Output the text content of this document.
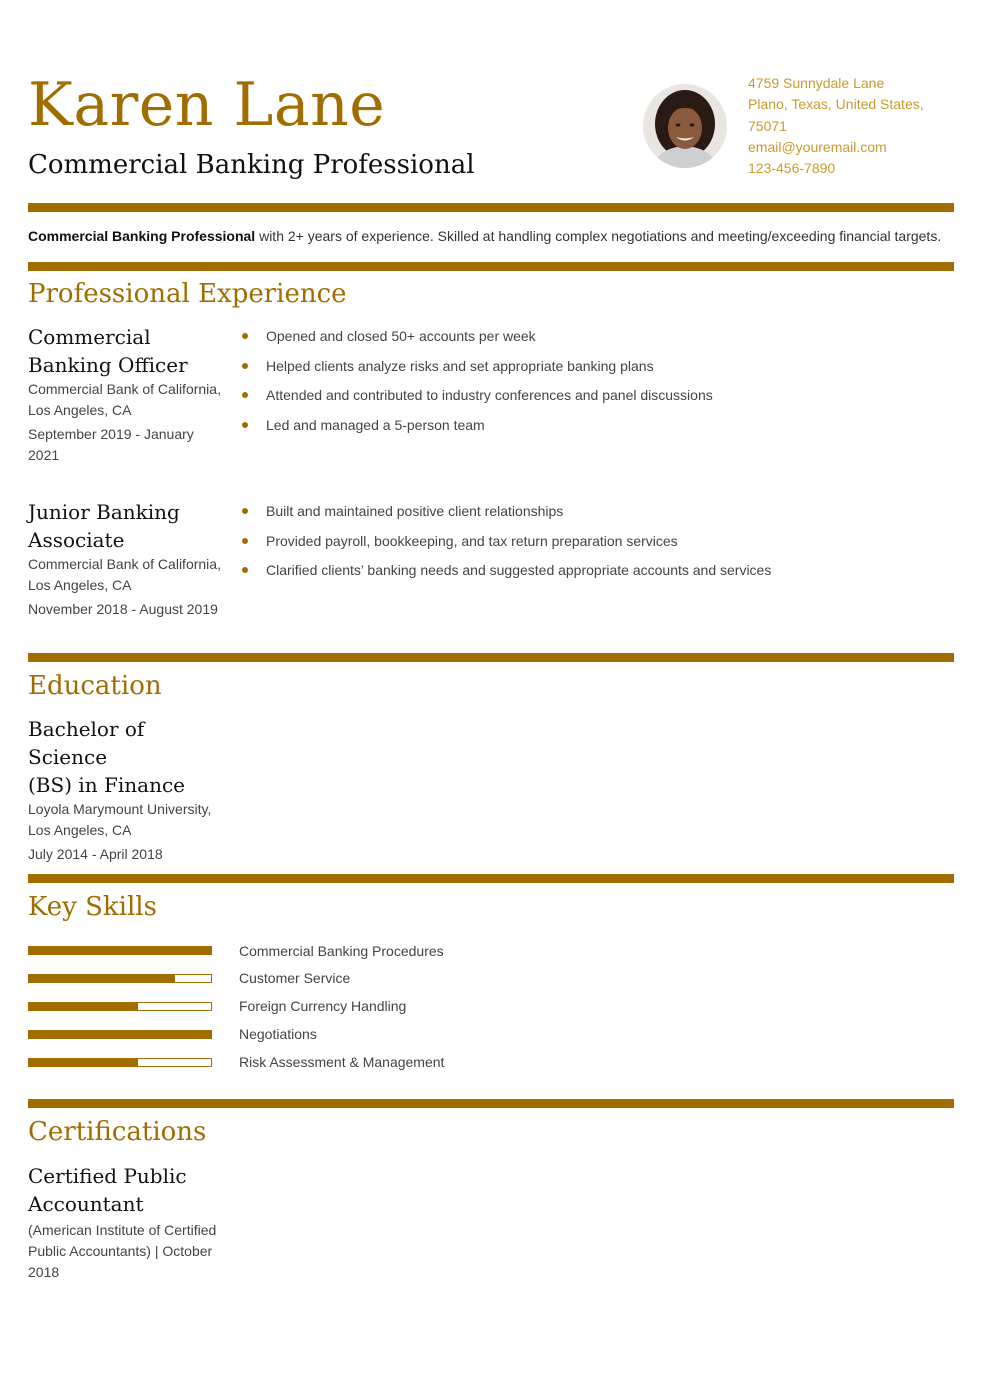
Karen Lane
Commercial Banking Professional
4759 Sunnydale Lane
Plano, Texas, United States,
75071
email@youremail.com
123-456-7890
Commercial Banking Professional with 2+ years of experience. Skilled at handling complex negotiations and meeting/exceeding financial targets.
Professional Experience
Commercial
Banking Officer
Commercial Bank of California,
Los Angeles, CA
September 2019 - January
2021
Opened and closed 50+ accounts per week
Helped clients analyze risks and set appropriate banking plans
Attended and contributed to industry conferences and panel discussions
Led and managed a 5-person team
Junior Banking
Associate
Commercial Bank of California,
Los Angeles, CA
November 2018 - August 2019
Built and maintained positive client relationships
Provided payroll, bookkeeping, and tax return preparation services
Clarified clients’ banking needs and suggested appropriate accounts and services
Education
Bachelor of Science
(BS) in Finance
Loyola Marymount University,
Los Angeles, CA
July 2014 - April 2018
Key Skills
Commercial Banking Procedures
Customer Service
Foreign Currency Handling
Negotiations
Risk Assessment & Management
Certifications
Certified Public
Accountant
(American Institute of Certified
Public Accountants) | October
2018
